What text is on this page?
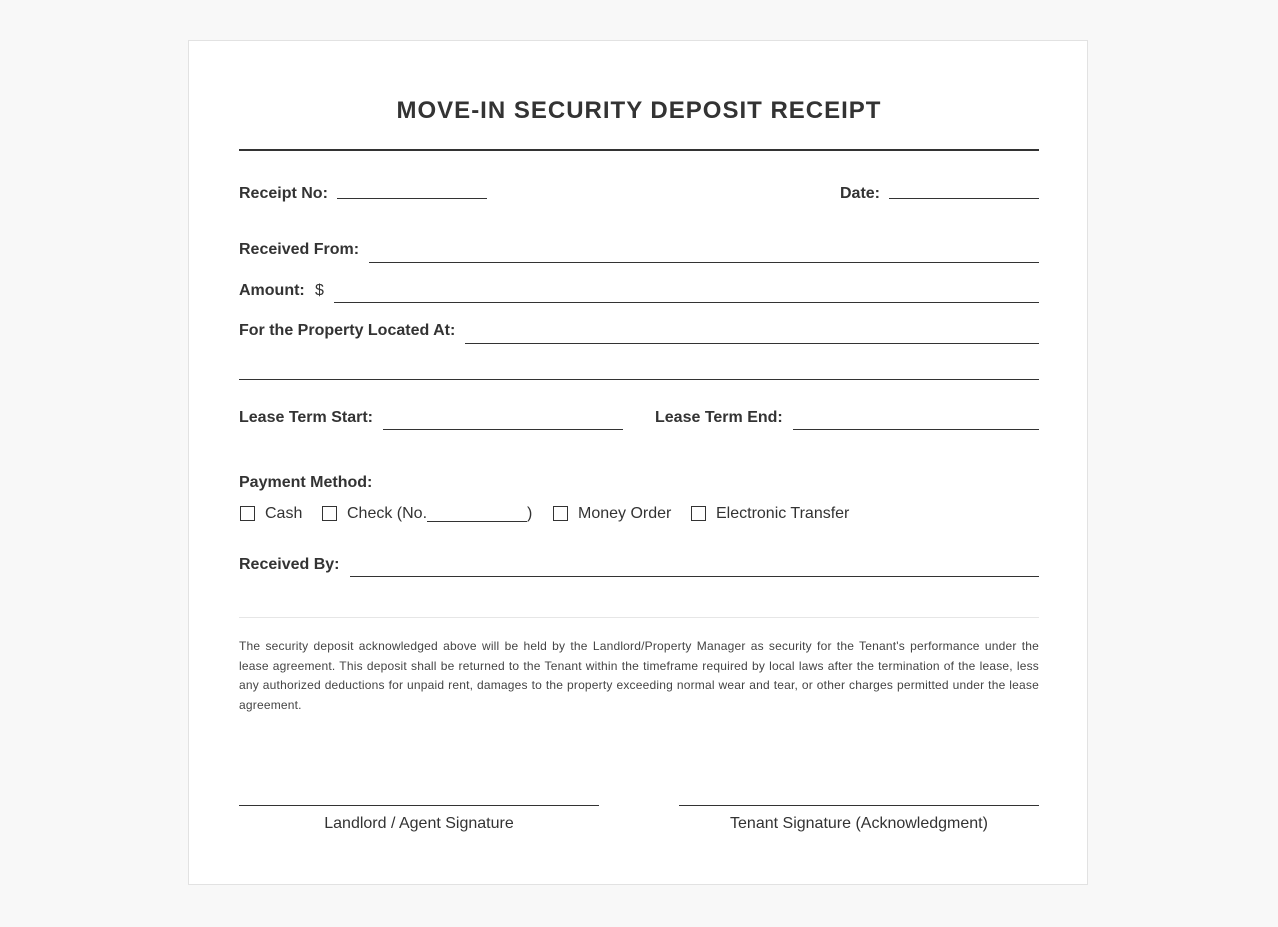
MOVE-IN SECURITY DEPOSIT RECEIPT
Receipt No:	Date:
Received From:
Amount: $
For the Property Located At:
Lease Term Start:	Lease Term End:
Payment Method:
Cash	Check (No.	)	Money Order	Electronic Transfer
Received By:
The security deposit acknowledged above will be held by the Landlord/Property Manager as security for the Tenant's performance under the lease agreement. This deposit shall be returned to the Tenant within the timeframe required by local laws after the termination of the lease, less any authorized deductions for unpaid rent, damages to the property exceeding normal wear and tear, or other charges permitted under the lease agreement.
Landlord / Agent Signature	Tenant Signature (Acknowledgment)
